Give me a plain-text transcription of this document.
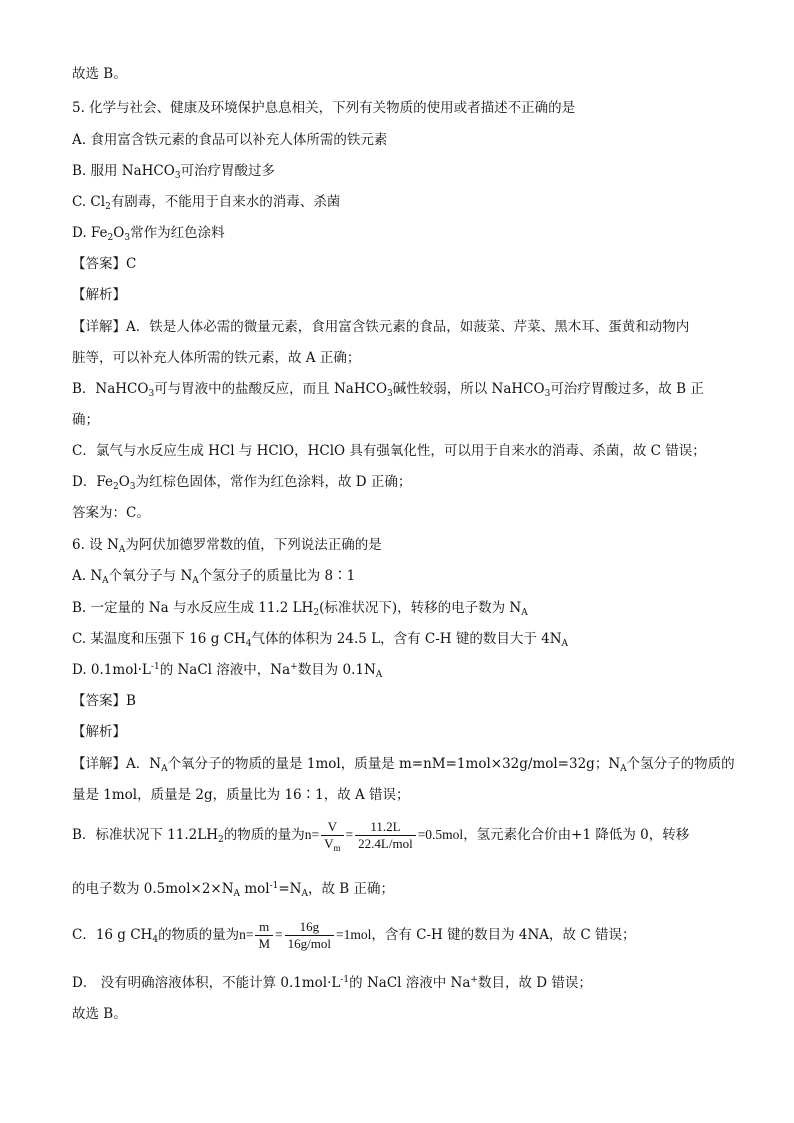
故选 B。
5. 化学与社会、健康及环境保护息息相关，下列有关物质的使用或者描述不正确的是
A. 食用富含铁元素的食品可以补充人体所需的铁元素
B. 服用 NaHCO$_3$可治疗胃酸过多
C. $Cl_2$有剧毒，不能用于自来水的消毒、杀菌
D. $Fe_2O_3$常作为红色涂料
【答案】C
【解析】
【详解】A．铁是人体必需的微量元素，食用富含铁元素的食品，如菠菜、芹菜、黑木耳、蛋黄和动物内
脏等，可以补充人体所需的铁元素，故 A 正确；
B．NaHCO$_3$可与胃液中的盐酸反应，而且 NaHCO$_3$碱性较弱，所以 NaHCO$_3$可治疗胃酸过多，故 B 正
确；
C．氯气与水反应生成 HCl 与 HClO，HClO 具有强氧化性，可以用于自来水的消毒、杀菌，故 C 错误；
D．$Fe_2O_3$为红棕色固体，常作为红色涂料，故 D 正确；
答案为：C。
6. 设 $N_A$为阿伏加德罗常数的值，下列说法正确的是
A. $N_A$个氧分子与 $N_A$个氢分子的质量比为 8∶1
B. 一定量的 Na 与水反应生成 11.2 $LH_2$(标准状况下)，转移的电子数为 $N_A$
C. 某温度和压强下 16 g $CH_4$气体的体积为 24.5 L，含有 C-H 键的数目大于 $4N_A$
D. $0.1mol\cdot L^{-1}$的 NaCl 溶液中，Na+数目为 $0.1N_A$
【答案】B
【解析】
【详解】A．$N_A$个氧分子的物质的量是 1mol，质量是 m=nM=1mol×32g/mol=32g；$N_A$个氢分子的物质的
量是 1mol，质量是 2g，质量比为 16∶1，故 A 错误；
B．标准状况下 $11.2LH_2$的物质的量为$n= \frac{V}{V_m} = \frac{11.2L}{\text{22.4L/mol}} =0.5mol$，氢元素化合价由+1 降低为 0，转移
的电子数为 $0.5mol\times 2\times N_A$ $mol^{-1}=N_A$，故 B 正确；
C．16 g $CH_4$的物质的量为$n= \frac{m}{M} = \frac{16g}{\text{16g/mol}} =1mol$，含有 C-H 键的数目为 4NA，故 C 错误；
D． 没有明确溶液体积，不能计算 $0.1mol\cdot L^{-1}$的 NaCl 溶液中 Na+数目，故 D 错误；
故选 B。
